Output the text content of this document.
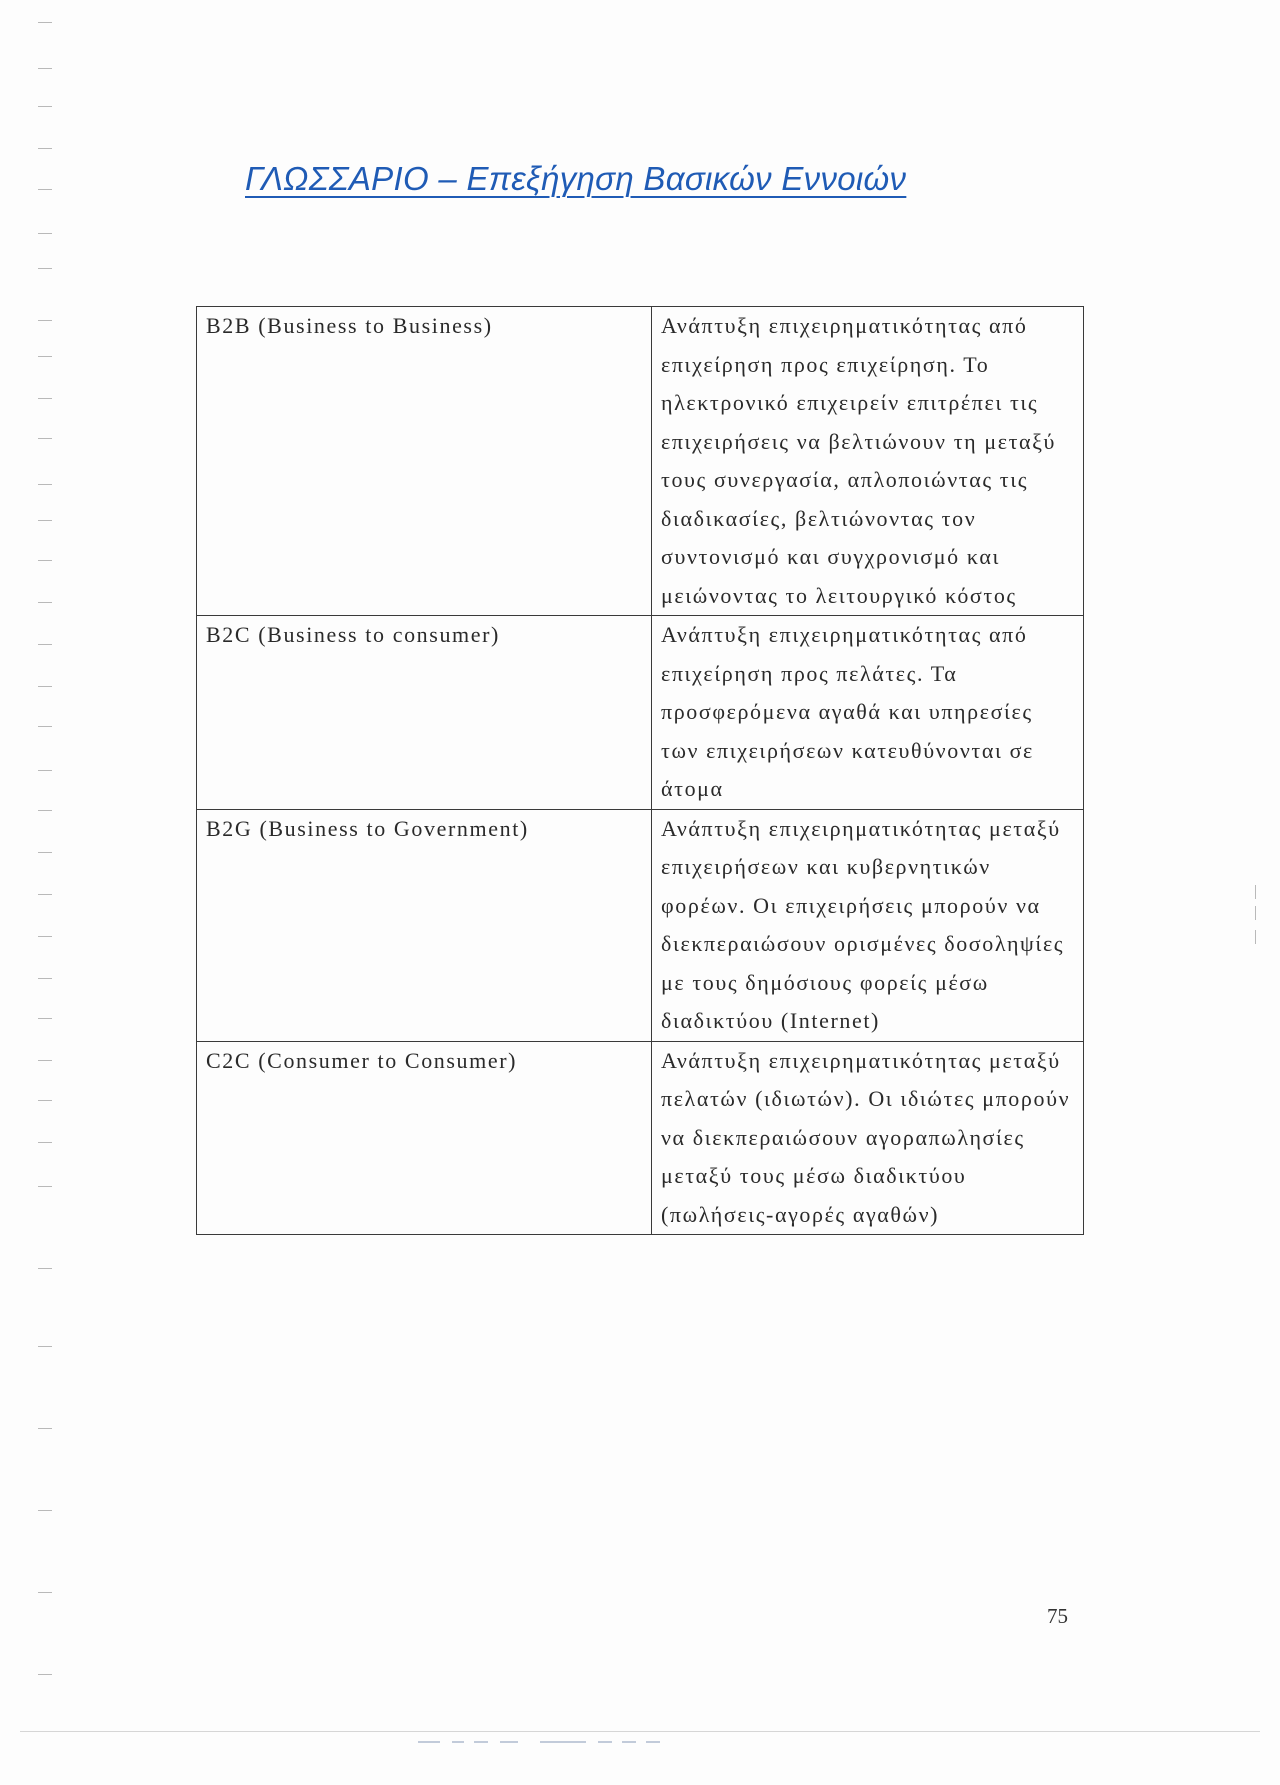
ΓΛΩΣΣΑΡΙΟ – Επεξήγηση Βασικών Εννοιών
B2B (Business to Business)	Ανάπτυξη επιχειρηματικότητας από επιχείρηση προς επιχείρηση. Το ηλεκτρονικό επιχειρείν επιτρέπει τις επιχειρήσεις να βελτιώνουν τη μεταξύ τους συνεργασία, απλοποιώντας τις διαδικασίες, βελτιώνοντας τον συντονισμό και συγχρονισμό και μειώνοντας το λειτουργικό κόστος
B2C (Business to consumer)	Ανάπτυξη επιχειρηματικότητας από επιχείρηση προς πελάτες. Τα προσφερόμενα αγαθά και υπηρεσίες των επιχειρήσεων κατευθύνονται σε άτομα
B2G (Business to Government)	Ανάπτυξη επιχειρηματικότητας μεταξύ επιχειρήσεων και κυβερνητικών φορέων. Οι επιχειρήσεις μπορούν να διεκπεραιώσουν ορισμένες δοσοληψίες με τους δημόσιους φορείς μέσω διαδικτύου (Internet)
C2C (Consumer to Consumer)	Ανάπτυξη επιχειρηματικότητας μεταξύ πελατών (ιδιωτών). Οι ιδιώτες μπορούν να διεκπεραιώσουν αγοραπωλησίες μεταξύ τους μέσω διαδικτύου (πωλήσεις-αγορές αγαθών)
75
